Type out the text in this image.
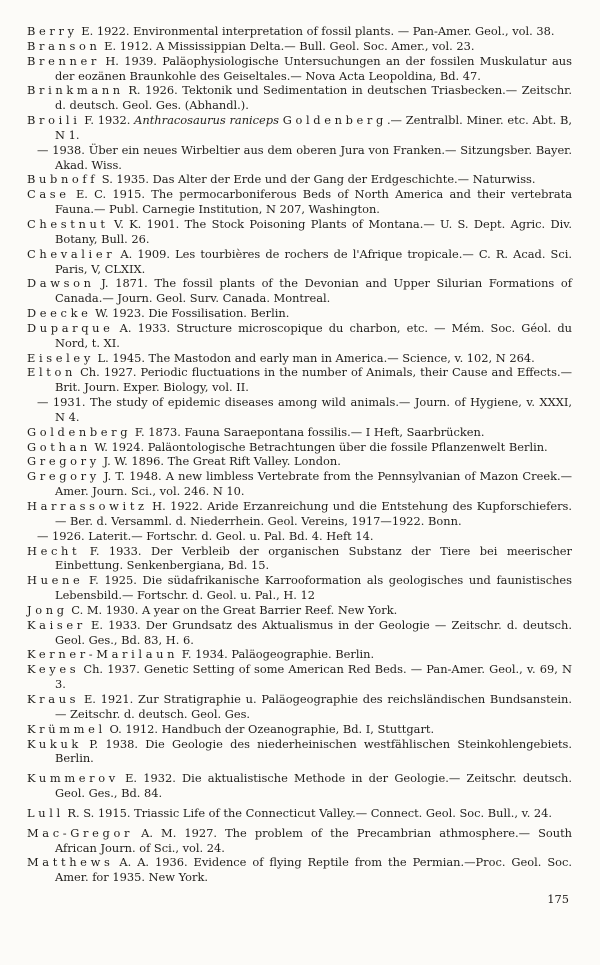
Berry E. 1922. Environmental interpretation of fossil plants. — Pan-Amer. Geol., vol. 38.
Branson E. 1912. A Mississippian Delta.— Bull. Geol. Soc. Amer., vol. 23.
Brenner H. 1939. Paläophysiologische Untersuchungen an der fossilen Muskulatur aus der eozänen Braunkohle des Geiseltales.— Nova Acta Leopoldina, Bd. 47.
Brinkmann R. 1926. Tektonik und Sedimentation in deutschen Triasbecken.— Zeitschr. d. deutsch. Geol. Ges. (Abhandl.).
Broili F. 1932. Anthracosaurus raniceps Goldenberg.— Zentralbl. Miner. etc. Abt. B, N 1.
— 1938. Über ein neues Wirbeltier aus dem oberen Jura von Franken.— Sitzungsber. Bayer. Akad. Wiss.
Bubnoff S. 1935. Das Alter der Erde und der Gang der Erdgeschichte.— Naturwiss.
Case E. C. 1915. The permocarboniferous Beds of North America and their vertebrata Fauna.— Publ. Carnegie Institution, N 207, Washington.
Chestnut V. K. 1901. The Stock Poisoning Plants of Montana.— U. S. Dept. Agric. Div. Botany, Bull. 26.
Chevalier A. 1909. Les tourbières de rochers de l'Afrique tropicale.— C. R. Acad. Sci. Paris, V, CLXIX.
Dawson J. 1871. The fossil plants of the Devonian and Upper Silurian Formations of Canada.— Journ. Geol. Surv. Canada. Montreal.
Deecke W. 1923. Die Fossilisation. Berlin.
Duparque A. 1933. Structure microscopique du charbon, etc. — Mém. Soc. Géol. du Nord, t. XI.
Eiseley L. 1945. The Mastodon and early man in America.— Science, v. 102, N 264.
Elton Ch. 1927. Periodic fluctuations in the number of Animals, their Cause and Effects.— Brit. Journ. Exper. Biology, vol. II.
— 1931. The study of epidemic diseases among wild animals.— Journ. of Hygiene, v. XXXI, N 4.
Goldenberg F. 1873. Fauna Saraepontana fossilis.— I Heft, Saarbrücken.
Gothan W. 1924. Paläontologische Betrachtungen über die fossile Pflanzenwelt Berlin.
Gregory J. W. 1896. The Great Rift Valley. London.
Gregory J. T. 1948. A new limbless Vertebrate from the Pennsylvanian of Mazon Creek.— Amer. Journ. Sci., vol. 246. N 10.
Harrassowitz H. 1922. Aride Erzanreichung und die Entstehung des Kupforschiefers.— Ber. d. Versamml. d. Niederrhein. Geol. Vereins, 1917—1922. Bonn.
— 1926. Laterit.— Fortschr. d. Geol. u. Pal. Bd. 4. Heft 14.
Hecht F. 1933. Der Verbleib der organischen Substanz der Tiere bei meerischer Einbettung. Senkenbergiana, Bd. 15.
Huene F. 1925. Die südafrikanische Karrooformation als geologisches und faunistisches Lebensbild.— Fortschr. d. Geol. u. Pal., H. 12
Jong C. M. 1930. A year on the Great Barrier Reef. New York.
Kaiser E. 1933. Der Grundsatz des Aktualismus in der Geologie — Zeitschr. d. deutsch. Geol. Ges., Bd. 83, H. 6.
Kerner-Marilaun F. 1934. Paläogeographie. Berlin.
Keyes Ch. 1937. Genetic Setting of some American Red Beds. — Pan-Amer. Geol., v. 69, N 3.
Kraus E. 1921. Zur Stratigraphie u. Paläogeographie des reichsländischen Bundsanstein. — Zeitschr. d. deutsch. Geol. Ges.
Krümmel O. 1912. Handbuch der Ozeanographie, Bd. I, Stuttgart.
Kukuk P. 1938. Die Geologie des niederheinischen westfählischen Steinkohlengebiets. Berlin.
Kummerov E. 1932. Die aktualistische Methode in der Geologie.— Zeitschr. deutsch. Geol. Ges., Bd. 84.
Lull R. S. 1915. Triassic Life of the Connecticut Valley.— Connect. Geol. Soc. Bull., v. 24.
Mac-Gregor A. M. 1927. The problem of the Precambrian athmosphere.— South African Journ. of Sci., vol. 24.
Matthews A. A. 1936. Evidence of flying Reptile from the Permian.—Proc. Geol. Soc. Amer. for 1935. New York.
175
